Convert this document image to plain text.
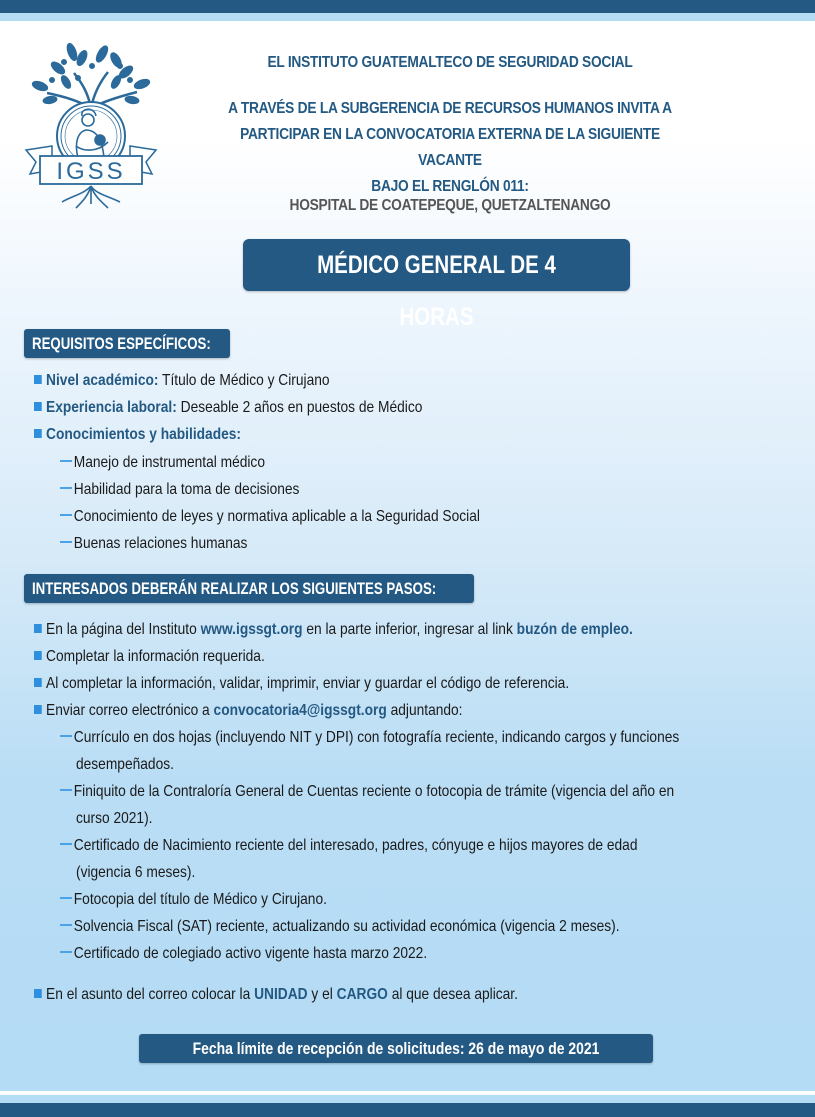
IGSS
EL INSTITUTO GUATEMALTECO DE SEGURIDAD SOCIAL
A TRAVÉS DE LA SUBGERENCIA DE RECURSOS HUMANOS INVITA A
PARTICIPAR EN LA CONVOCATORIA EXTERNA DE LA SIGUIENTE VACANTE
BAJO EL RENGLÓN 011:
HOSPITAL DE COATEPEQUE, QUETZALTENANGO
MÉDICO GENERAL DE 4 HORAS
REQUISITOS ESPECÍFICOS:
Nivel académico: Título de Médico y Cirujano
Experiencia laboral: Deseable 2 años en puestos de Médico
Conocimientos y habilidades:
Manejo de instrumental médico
Habilidad para la toma de decisiones
Conocimiento de leyes y normativa aplicable a la Seguridad Social
Buenas relaciones humanas
INTERESADOS DEBERÁN REALIZAR LOS SIGUIENTES PASOS:
En la página del Instituto www.igssgt.org en la parte inferior, ingresar al link buzón de empleo.
Completar la información requerida.
Al completar la información, validar, imprimir, enviar y guardar el código de referencia.
Enviar correo electrónico a convocatoria4@igssgt.org adjuntando:
Currículo en dos hojas (incluyendo NIT y DPI) con fotografía reciente, indicando cargos y funciones
desempeñados.
Finiquito de la Contraloría General de Cuentas reciente o fotocopia de trámite (vigencia del año en
curso 2021).
Certificado de Nacimiento reciente del interesado, padres, cónyuge e hijos mayores de edad
(vigencia 6 meses).
Fotocopia del título de Médico y Cirujano.
Solvencia Fiscal (SAT) reciente, actualizando su actividad económica (vigencia 2 meses).
Certificado de colegiado activo vigente hasta marzo 2022.
En el asunto del correo colocar la UNIDAD y el CARGO al que desea aplicar.
Fecha límite de recepción de solicitudes: 26 de mayo de 2021
